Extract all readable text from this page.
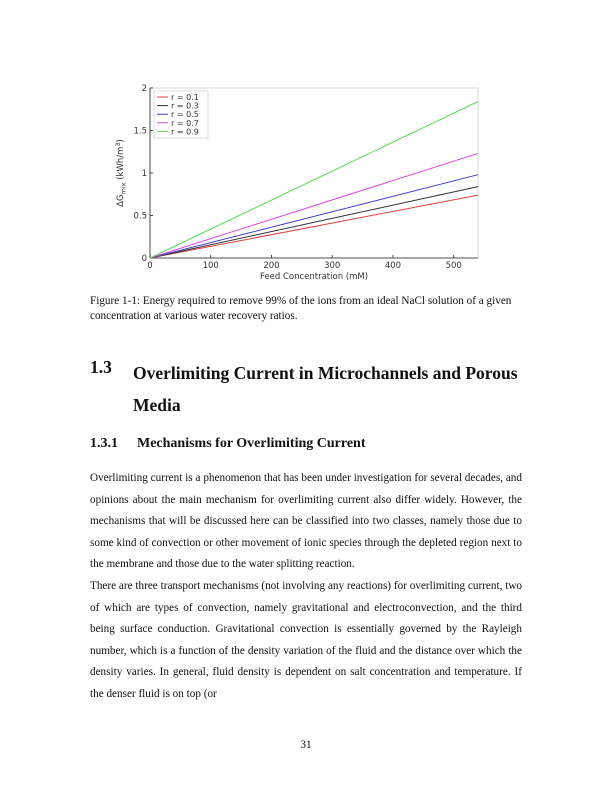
0	100	200	300	400	500
0
0.5
1
1.5
2
Feed Concentration (mM)
$\Delta G_{mix}$ $(kWh/m^3)$
r = 0.1
r = 0.3
r = 0.5
r = 0.7
r = 0.9
Figure 1-1: Energy required to remove 99% of the ions from an ideal NaCl solution of a given concentration at various water recovery ratios.
1.3 Overlimiting Current in Microchannels and Porous Media
1.3.1 Mechanisms for Overlimiting Current

Overlimiting current is a phenomenon that has been under investigation for several decades, and opinions about the main mechanism for overlimiting current also differ widely. However, the mechanisms that will be discussed here can be classified into two classes, namely those due to some kind of convection or other movement of ionic species through the depleted region next to the membrane and those due to the water splitting reaction.

There are three transport mechanisms (not involving any reactions) for overlimiting current, two of which are types of convection, namely gravitational and electroconvection, and the third being surface conduction. Gravitational convection is essentially governed by the Rayleigh number, which is a function of the density variation of the fluid and the distance over which the density varies. In general, fluid density is dependent on salt concentration and temperature. If the denser fluid is on top (or

31
